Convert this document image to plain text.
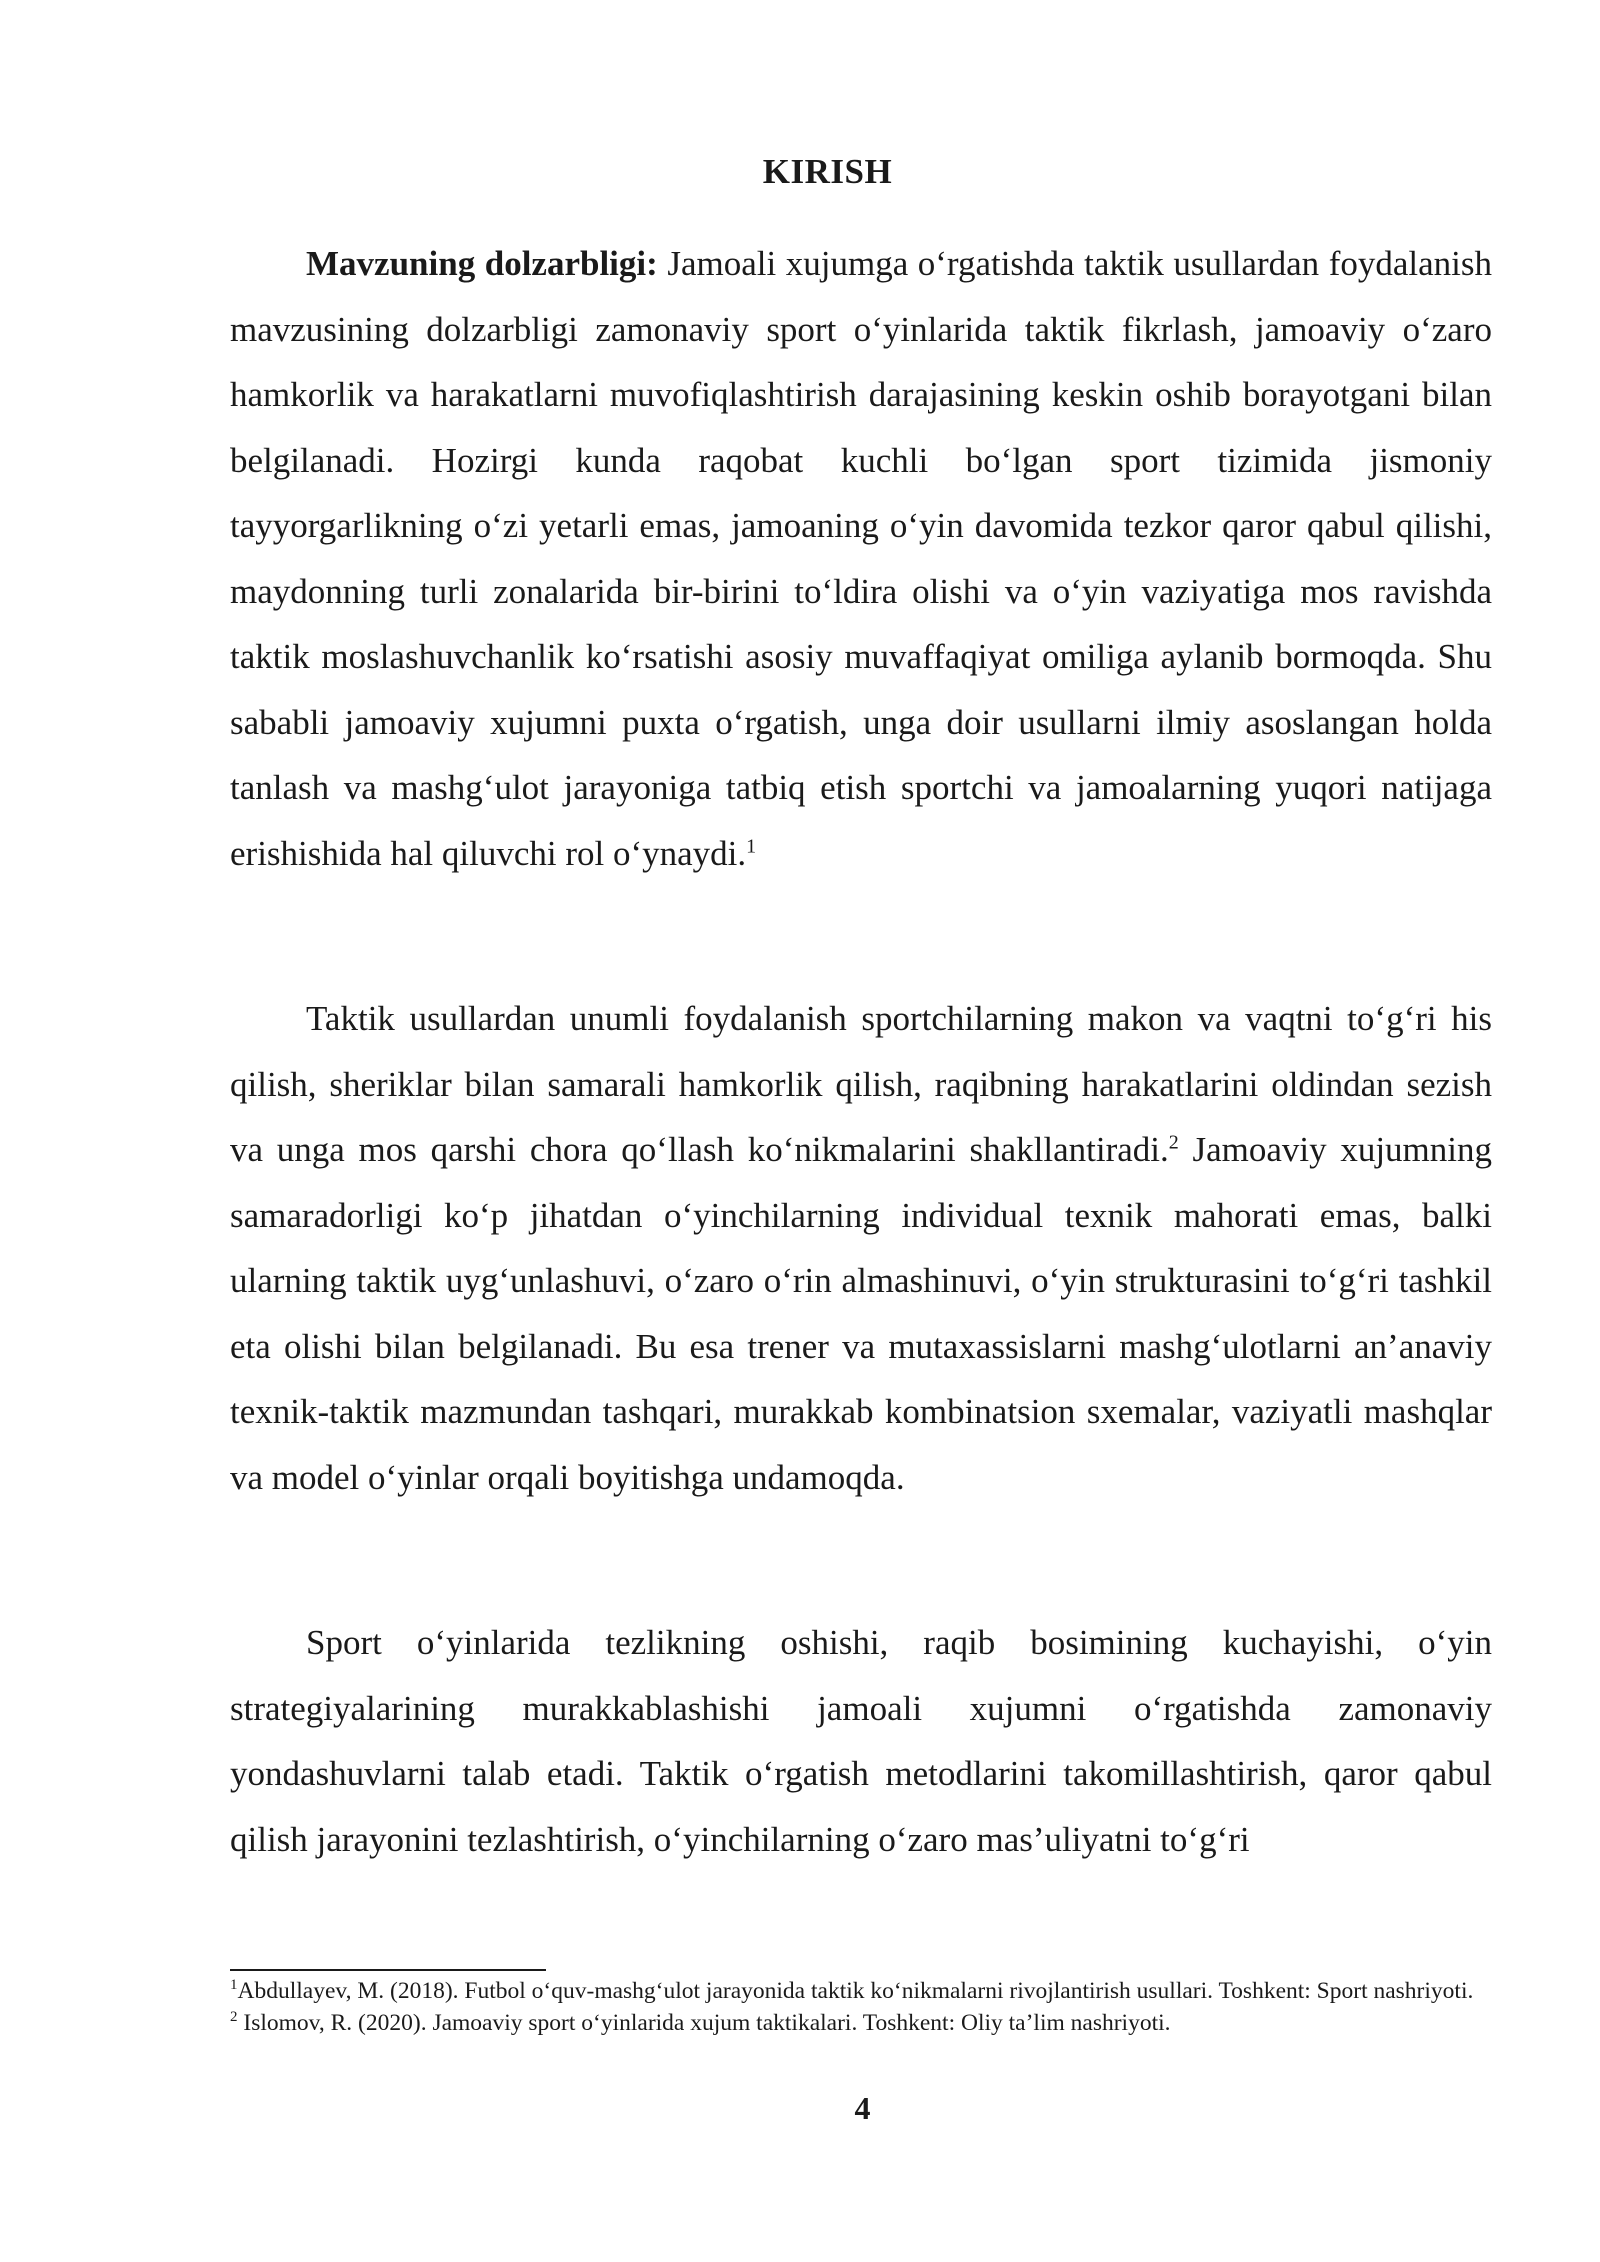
KIRISH

Mavzuning dolzarbligi: Jamoali xujumga o‘rgatishda taktik usullardan foydalanish mavzusining dolzarbligi zamonaviy sport o‘yinlarida taktik fikrlash, jamoaviy o‘zaro hamkorlik va harakatlarni muvofiqlashtirish darajasining keskin oshib borayotgani bilan belgilanadi. Hozirgi kunda raqobat kuchli bo‘lgan sport tizimida jismoniy tayyorgarlikning o‘zi yetarli emas, jamoaning o‘yin davomida tezkor qaror qabul qilishi, maydonning turli zonalarida bir-birini to‘ldira olishi va o‘yin vaziyatiga mos ravishda taktik moslashuvchanlik ko‘rsatishi asosiy muvaffaqiyat omiliga aylanib bormoqda. Shu sababli jamoaviy xujumni puxta o‘rgatish, unga doir usullarni ilmiy asoslangan holda tanlash va mashg‘ulot jarayoniga tatbiq etish sportchi va jamoalarning yuqori natijaga erishishida hal qiluvchi rol o‘ynaydi.$^1$

Taktik usullardan unumli foydalanish sportchilarning makon va vaqtni to‘g‘ri his qilish, sheriklar bilan samarali hamkorlik qilish, raqibning harakatlarini oldindan sezish va unga mos qarshi chora qo‘llash ko‘nikmalarini shakllantiradi.$^2$ Jamoaviy xujumning samaradorligi ko‘p jihatdan o‘yinchilarning individual texnik mahorati emas, balki ularning taktik uyg‘unlashuvi, o‘zaro o‘rin almashinuvi, o‘yin strukturasini to‘g‘ri tashkil eta olishi bilan belgilanadi. Bu esa trener va mutaxassislarni mashg‘ulotlarni an’anaviy texnik-taktik mazmundan tashqari, murakkab kombinatsion sxemalar, vaziyatli mashqlar va model o‘yinlar orqali boyitishga undamoqda.

Sport o‘yinlarida tezlikning oshishi, raqib bosimining kuchayishi, o‘yin strategiyalarining murakkablashishi jamoali xujumni o‘rgatishda zamonaviy yondashuvlarni talab etadi. Taktik o‘rgatish metodlarini takomillashtirish, qaror qabul qilish jarayonini tezlashtirish, o‘yinchilarning o‘zaro mas’uliyatni to‘g‘ri

$^1$Abdullayev, M. (2018). Futbol o‘quv-mashg‘ulot jarayonida taktik ko‘nikmalarni rivojlantirish usullari. Toshkent: Sport nashriyoti.

$^2$ Islomov, R. (2020). Jamoaviy sport o‘yinlarida xujum taktikalari. Toshkent: Oliy ta’lim nashriyoti.

4
